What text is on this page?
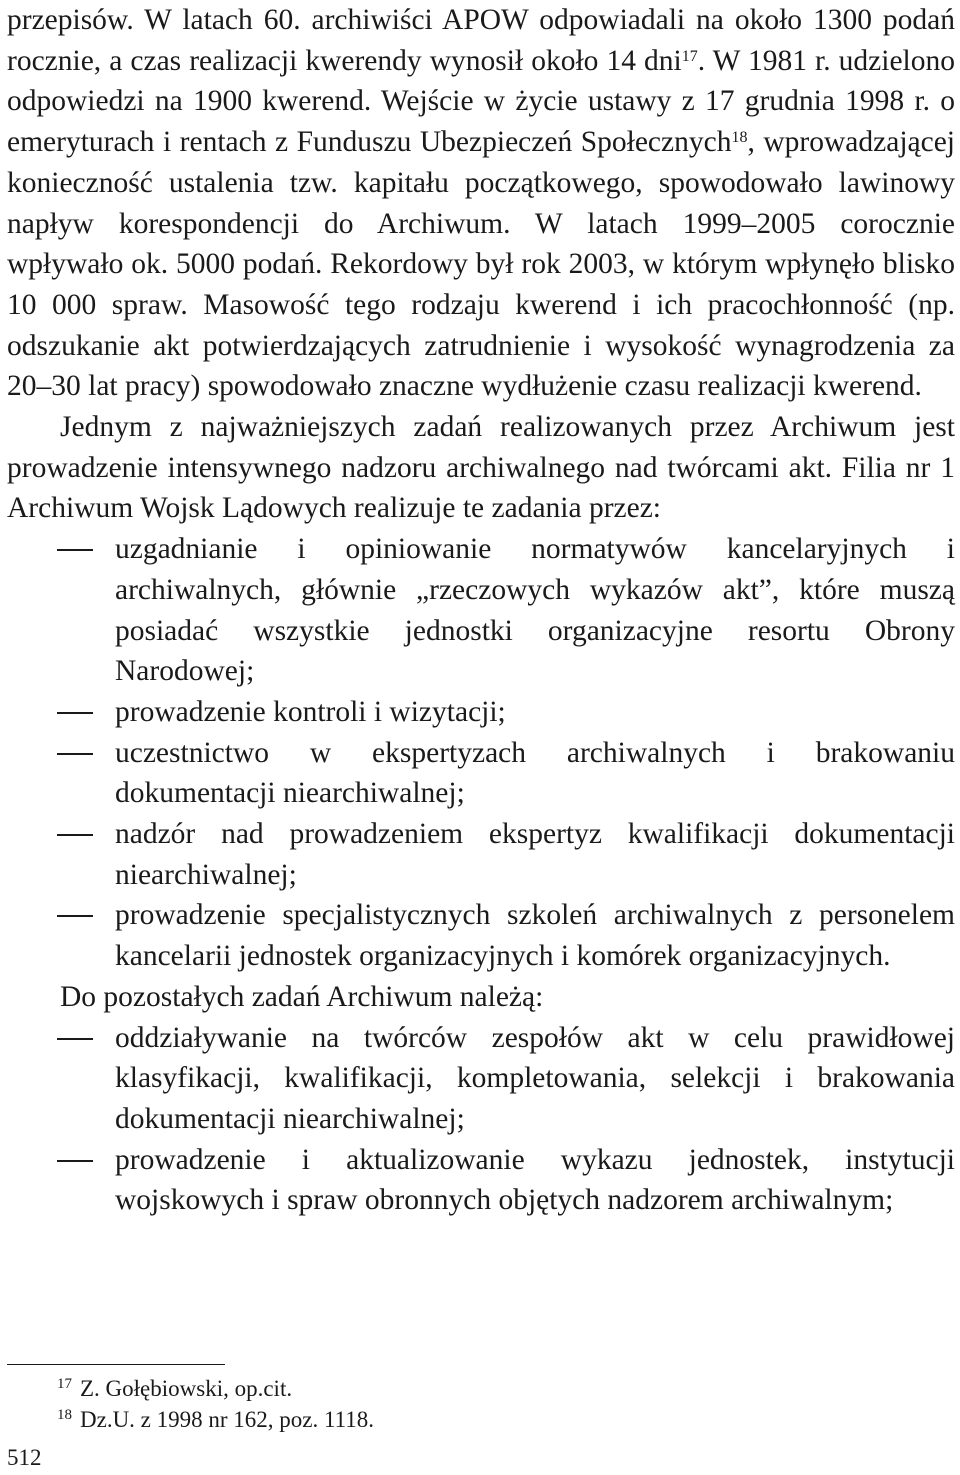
przepisów. W latach 60. archiwiści APOW odpowiadali na około 1300 podań rocznie, a czas realizacji kwerendy wynosił około 14 dni$^{17}$. W 1981 r. udzielono odpowiedzi na 1900 kwerend. Wejście w życie ustawy z 17 grudnia 1998 r. o emeryturach i rentach z Funduszu Ubezpieczeń Społecznych$^{18}$, wprowadzającej konieczność ustalenia tzw. kapitału początkowego, spowodowało lawinowy napływ korespondencji do Archiwum. W latach 1999–2005 corocznie wpływało ok. 5000 podań. Rekordowy był rok 2003, w którym wpłynęło blisko 10 000 spraw. Masowość tego rodzaju kwerend i ich pracochłonność (np. odszukanie akt potwierdzających zatrudnienie i wysokość wynagrodzenia za 20–30 lat pracy) spowodowało znaczne wydłużenie czasu realizacji kwerend.

Jednym z najważniejszych zadań realizowanych przez Archiwum jest prowadzenie intensywnego nadzoru archiwalnego nad twórcami akt. Filia nr 1 Archiwum Wojsk Lądowych realizuje te zadania przez:

uzgadnianie i opiniowanie normatywów kancelaryjnych i archiwalnych, głównie „rzeczowych wykazów akt”, które muszą posiadać wszystkie jednostki organizacyjne resortu Obrony Narodowej;
prowadzenie kontroli i wizytacji;
uczestnictwo w ekspertyzach archiwalnych i brakowaniu dokumentacji niearchiwalnej;
nadzór nad prowadzeniem ekspertyz kwalifikacji dokumentacji niearchiwalnej;
prowadzenie specjalistycznych szkoleń archiwalnych z personelem kancelarii jednostek organizacyjnych i komórek organizacyjnych.

Do pozostałych zadań Archiwum należą:

oddziaływanie na twórców zespołów akt w celu prawidłowej klasyfikacji, kwalifikacji, kompletowania, selekcji i brakowania dokumentacji niearchiwalnej;
prowadzenie i aktualizowanie wykazu jednostek, instytucji wojskowych i spraw obronnych objętych nadzorem archiwalnym;
$^{17}$ Z. Gołębiowski, op.cit.
$^{18}$ Dz.U. z 1998 nr 162, poz. 1118.
512
